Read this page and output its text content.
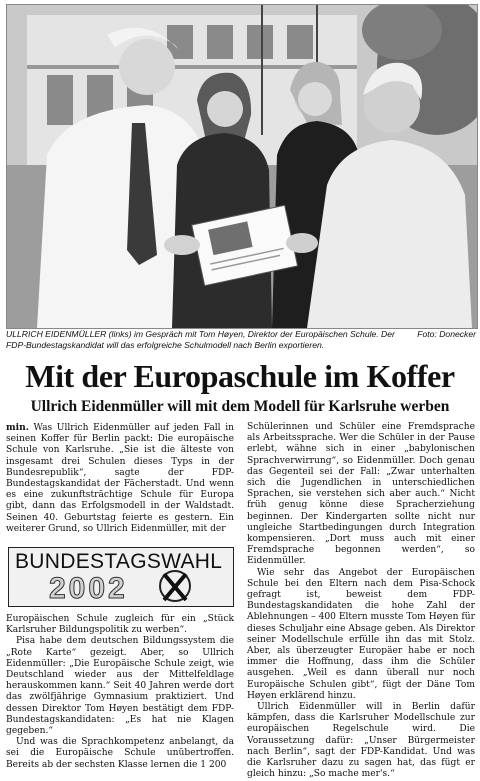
Foto: Donecker
ULLRICH EIDENMÜLLER (links) im Gespräch mit Tom Høyen, Direktor der Europäischen Schule. Der FDP-Bundestagskandidat will das erfolgreiche Schulmodell nach Berlin exportieren.
Mit der Europaschule im Koffer
Ullrich Eidenmüller will mit dem Modell für Karlsruhe werben

min. Was Ullrich Eidenmüller auf jeden Fall in seinen Koffer für Berlin packt: Die europäische Schule von Karlsruhe. „Sie ist die älteste von insgesamt drei Schulen dieses Typs in der Bundesrepublik“, sagte der FDP-Bundestagskandidat der Fächerstadt. Und wenn es eine zukunftsträchtige Schule für Europa gibt, dann das Erfolgsmodell in der Waldstadt. Seinen 40. Geburtstag feierte es gestern. Ein weiterer Grund, so Ullrich Eidenmüller, mit der

BUNDESTAGSWAHL
2002

Europäischen Schule zugleich für ein „Stück Karlsruher Bildungspolitik zu werben“.

Pisa habe dem deutschen Bildungssystem die „Rote Karte“ gezeigt. Aber, so Ullrich Eidenmüller: „Die Europäische Schule zeigt, wie Deutschland wieder aus der Mittelfeldlage herauskommen kann.“ Seit 40 Jahren werde dort das zwölfjährige Gymnasium praktiziert. Und dessen Direktor Tom Høyen bestätigt dem FDP-Bundestagskandidaten: „Es hat nie Klagen gegeben.“

Und was die Sprachkompetenz anbelangt, da sei die Europäische Schule unübertroffen. Bereits ab der sechsten Klasse lernen die 1 200

Schülerinnen und Schüler eine Fremdsprache als Arbeitssprache. Wer die Schüler in der Pause erlebt, wähne sich in einer „babylonischen Sprachverwirrung“, so Eidenmüller. Doch genau das Gegenteil sei der Fall: „Zwar unterhalten sich die Jugendlichen in unterschiedlichen Sprachen, sie verstehen sich aber auch.“ Nicht früh genug könne diese Spracherziehung beginnen. Der Kindergarten sollte nicht nur ungleiche Startbedingungen durch Integration kompensieren. „Dort muss auch mit einer Fremdsprache begonnen werden“, so Eidenmüller.

Wie sehr das Angebot der Europäischen Schule bei den Eltern nach dem Pisa-Schock gefragt ist, beweist dem FDP-Bundestagskandidaten die hohe Zahl der Ablehnungen – 400 Eltern musste Tom Høyen für dieses Schuljahr eine Absage geben. Als Direktor seiner Modellschule erfülle ihn das mit Stolz. Aber, als überzeugter Europäer habe er noch immer die Hoffnung, dass ihm die Schüler ausgehen. „Weil es dann überall nur noch Europäische Schulen gibt“, fügt der Däne Tom Høyen erklärend hinzu.

Ullrich Eidenmüller will in Berlin dafür kämpfen, dass die Karlsruher Modellschule zur europäischen Regelschule wird. Die Voraussetzung dafür: „Unser Bürgermeister nach Berlin“, sagt der FDP-Kandidat. Und was die Karlsruher dazu zu sagen hat, das fügt er gleich hinzu: „So mache mer's.“
